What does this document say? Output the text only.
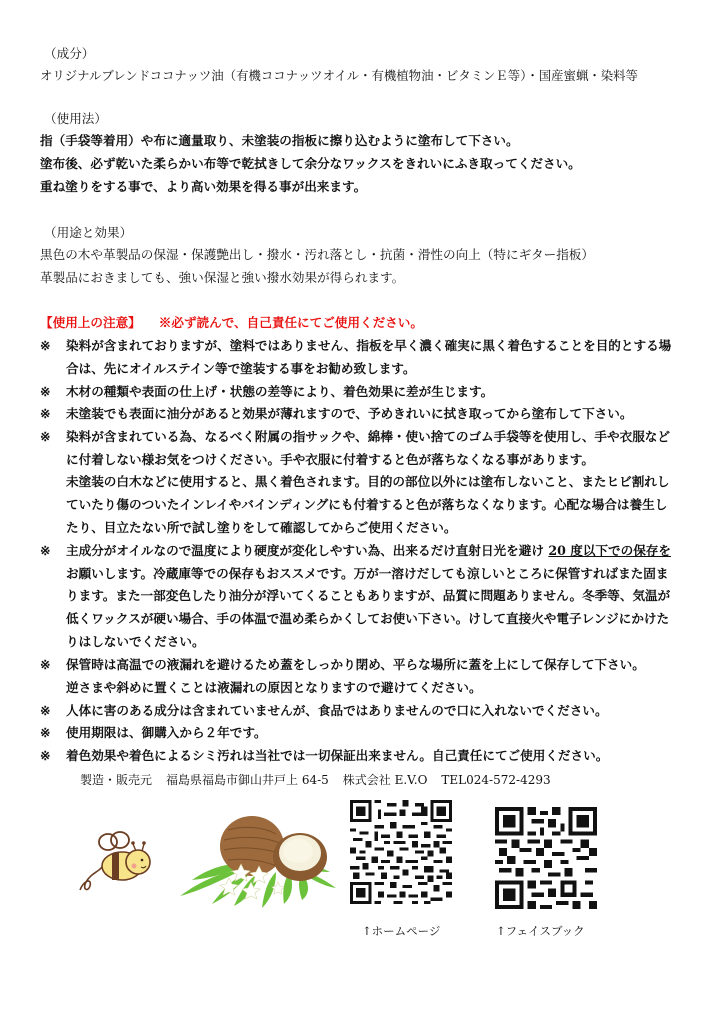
（成分）
オリジナルブレンドココナッツ油（有機ココナッツオイル・有機植物油・ビタミンＥ等）・国産蜜蝋・染料等
（使用法）
指（手袋等着用）や布に適量取り、未塗装の指板に擦り込むように塗布して下さい。
塗布後、必ず乾いた柔らかい布等で乾拭きして余分なワックスをきれいにふき取ってください。
重ね塗りをする事で、より高い効果を得る事が出来ます。
（用途と効果）
黒色の木や革製品の保湿・保護艶出し・撥水・汚れ落とし・抗菌・滑性の向上（特にギター指板）
革製品におきましても、強い保湿と強い撥水効果が得られます。
【使用上の注意】 ※必ず読んで、自己責任にてご使用ください。
※ 染料が含まれておりますが、塗料ではありません、指板を早く濃く確実に黒く着色することを目的とする場
合は、先にオイルステイン等で塗装する事をお勧め致します。
※ 木材の種類や表面の仕上げ・状態の差等により、着色効果に差が生じます。
※ 未塗装でも表面に油分があると効果が薄れますので、予めきれいに拭き取ってから塗布して下さい。
※ 染料が含まれている為、なるべく附属の指サックや、綿棒・使い捨てのゴム手袋等を使用し、手や衣服など
に付着しない様お気をつけください。手や衣服に付着すると色が落ちなくなる事があります。
未塗装の白木などに使用すると、黒く着色されます。目的の部位以外には塗布しないこと、またヒビ割れし
ていたり傷のついたインレイやバインディングにも付着すると色が落ちなくなります。心配な場合は養生し
たり、目立たない所で試し塗りをして確認してからご使用ください。
※ 主成分がオイルなので温度により硬度が変化しやすい為、出来るだけ直射日光を避け 20 度以下での保存を
お願いします。冷蔵庫等での保存もおススメです。万が一溶けだしても涼しいところに保管すればまた固ま
ります。また一部変色したり油分が浮いてくることもありますが、品質に問題ありません。冬季等、気温が
低くワックスが硬い場合、手の体温で温め柔らかくしてお使い下さい。けして直接火や電子レンジにかけた
りはしないでください。
※ 保管時は高温での液漏れを避けるため蓋をしっかり閉め、平らな場所に蓋を上にして保存して下さい。
逆さまや斜めに置くことは液漏れの原因となりますので避けてください。
※ 人体に害のある成分は含まれていませんが、食品ではありませんので口に入れないでください。
※ 使用期限は、御購入から２年です。
※ 着色効果や着色によるシミ汚れは当社では一切保証出来ません。自己責任にてご使用ください。
製造・販売元 福島県福島市御山井戸上 64-5 株式会社 E.V.O TEL024-572-4293
↑ホームページ	↑フェイスブック
